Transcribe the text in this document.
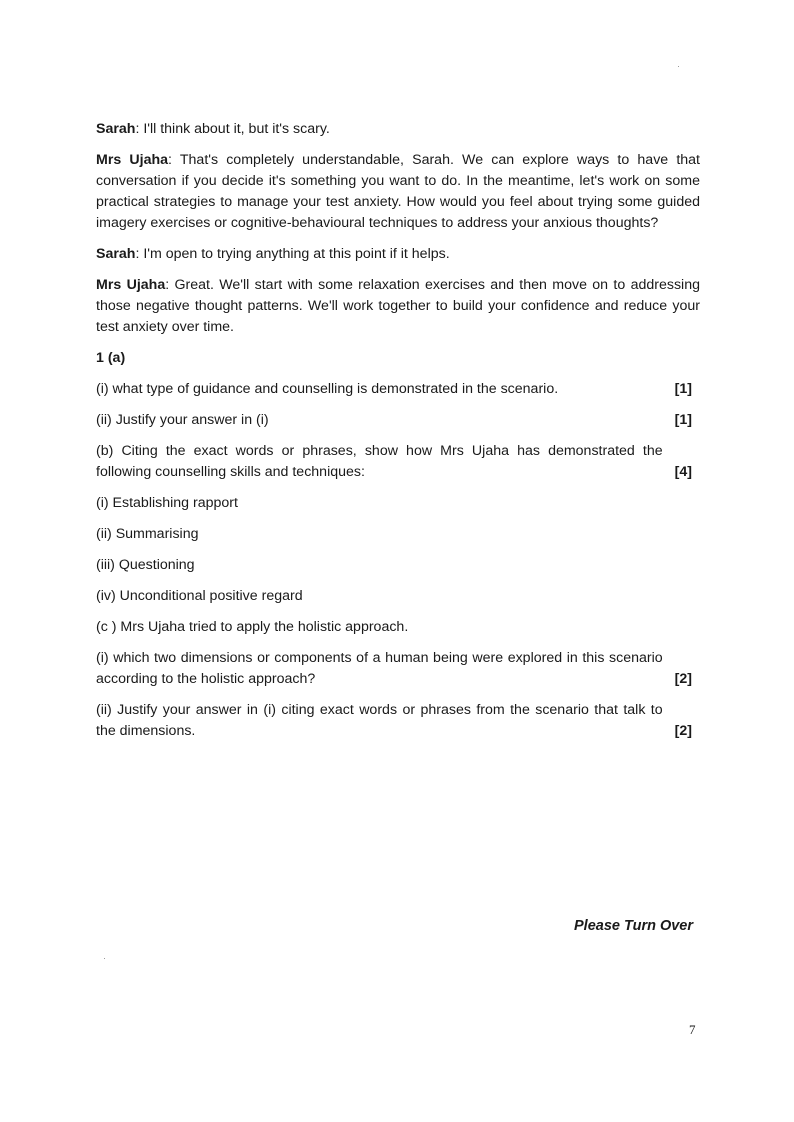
Sarah: I'll think about it, but it's scary.

Mrs Ujaha: That's completely understandable, Sarah. We can explore ways to have that conversation if you decide it's something you want to do. In the meantime, let's work on some practical strategies to manage your test anxiety. How would you feel about trying some guided imagery exercises or cognitive-behavioural techniques to address your anxious thoughts?

Sarah: I'm open to trying anything at this point if it helps.

Mrs Ujaha: Great. We'll start with some relaxation exercises and then move on to addressing those negative thought patterns. We'll work together to build your confidence and reduce your test anxiety over time.

1 (a)

(i) what type of guidance and counselling is demonstrated in the scenario.	[1]
(ii) Justify your answer in (i)	[1]
(b) Citing the exact words or phrases, show how Mrs Ujaha has demonstrated the following counselling skills and techniques:	[4]

(i) Establishing rapport

(ii) Summarising

(iii) Questioning

(iv) Unconditional positive regard

(c ) Mrs Ujaha tried to apply the holistic approach.

(i) which two dimensions or components of a human being were explored in this scenario according to the holistic approach?	[2]
(ii) Justify your answer in (i) citing exact words or phrases from the scenario that talk to the dimensions.	[2]
Please Turn Over
7
